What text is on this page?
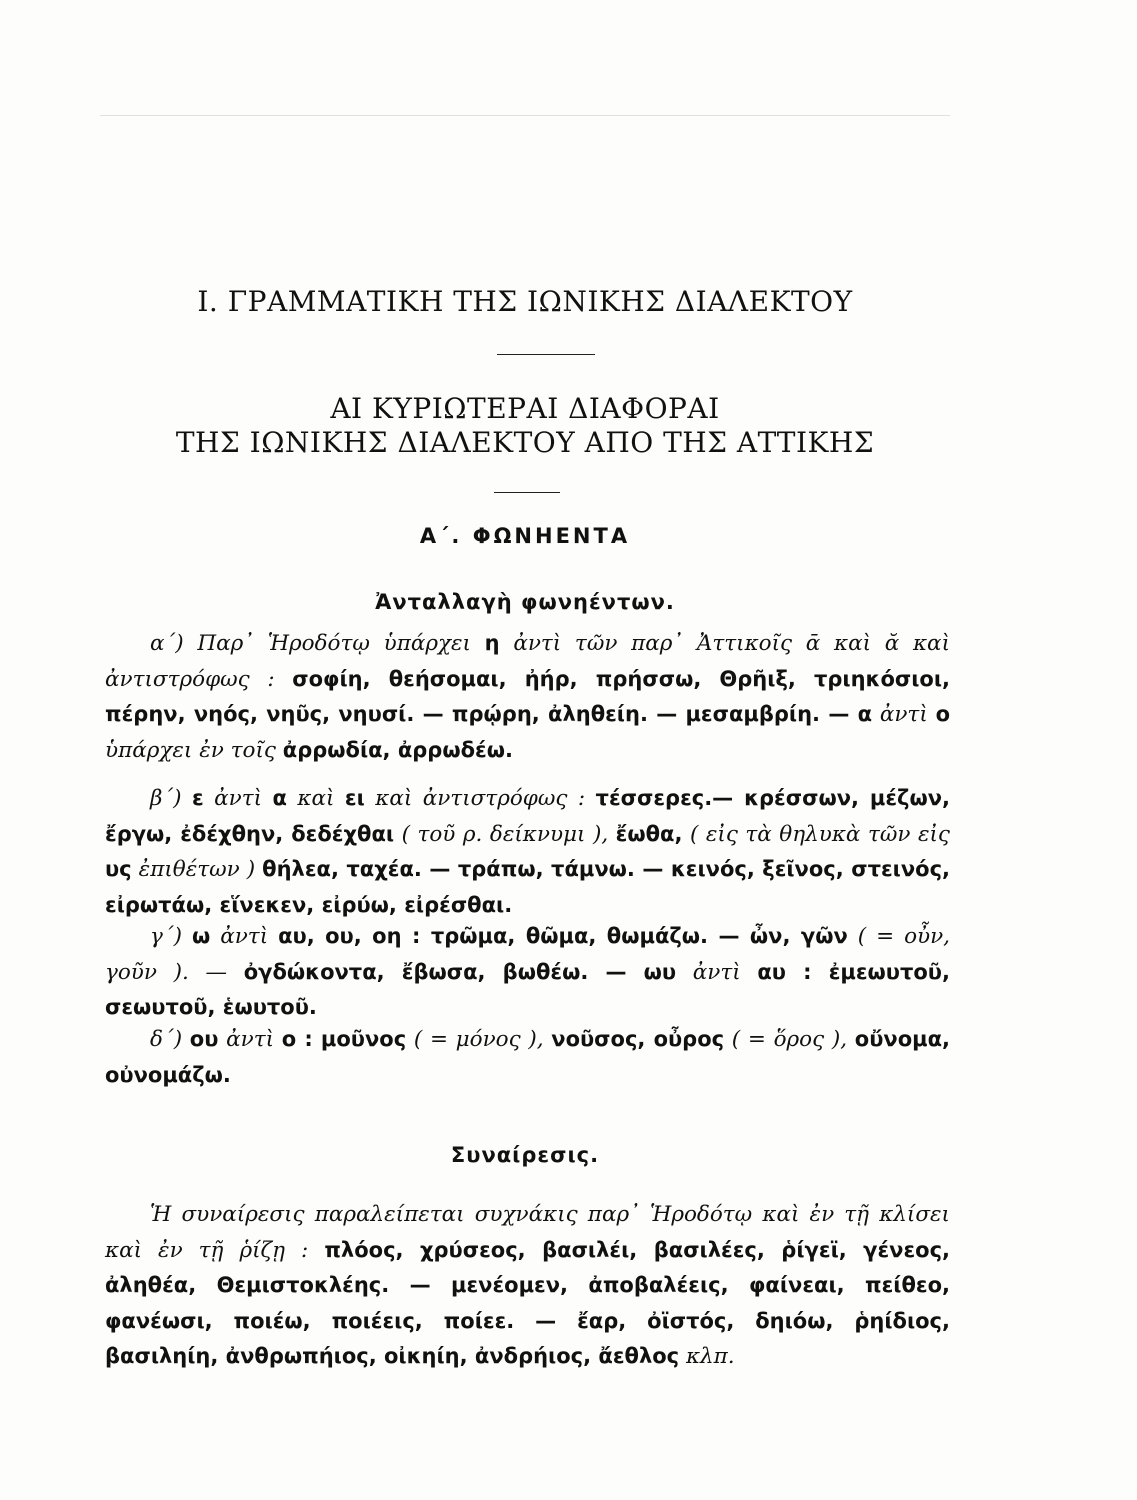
I. ΓΡΑΜΜΑΤΙΚΗ ΤΗΣ ΙΩΝΙΚΗΣ ΔΙΑΛΕΚΤΟΥ
ΑΙ ΚΥΡΙΩΤΕΡΑΙ ΔΙΑΦΟΡΑΙ
ΤΗΣ ΙΩΝΙΚΗΣ ΔΙΑΛΕΚΤΟΥ ΑΠΟ ΤΗΣ ΑΤΤΙΚΗΣ
Α΄. ΦΩΝΗΕΝΤΑ
Ἀνταλλαγὴ φωνηέντων.
α΄) Παρ᾽ Ἡροδότῳ ὑπάρχει η ἀντὶ τῶν παρ᾽ Ἀττικοῖς ᾱ καὶ ᾰ καὶ ἀντιστρόφως : σοφίη, θεήσομαι, ἠήρ, πρήσσω, Θρῆιξ, τριηκόσιοι, πέρην, νηός, νηῦς, νηυσί. — πρῴρη, ἀληθείη. — μεσαμβρίη. — α ἀντὶ ο ὑπάρχει ἐν τοῖς ἀρρωδία, ἀρρωδέω.
β΄) ε ἀντὶ α καὶ ει καὶ ἀντιστρόφως : τέσσερες.— κρέσσων, μέζων, ἔργω, ἐδέχθην, δεδέχθαι ( τοῦ ρ. δείκνυμι ), ἔωθα, ( εἰς τὰ θηλυκὰ τῶν εἰς υς ἐπιθέτων ) θήλεα, ταχέα. — τράπω, τάμνω. — κεινός, ξεῖνος, στεινός, εἰρωτάω, εἵνεκεν, εἰρύω, εἰρέσθαι.
γ΄) ω ἀντὶ αυ, ου, οη : τρῶμα, θῶμα, θωμάζω. — ὦν, γῶν ( = οὖν, γοῦν ). — ὀγδώκοντα, ἔβωσα, βωθέω. — ωυ ἀντὶ αυ : ἐμεωυτοῦ, σεωυτοῦ, ἑωυτοῦ.
δ΄) ου ἀντὶ ο : μοῦνος ( = μόνος ), νοῦσος, οὖρος ( = ὅρος ), οὔνομα, οὐνομάζω.
Συναίρεσις.
Ἡ συναίρεσις παραλείπεται συχνάκις παρ᾽ Ἡροδότῳ καὶ ἐν τῇ κλίσει καὶ ἐν τῇ ῥίζῃ : πλόος, χρύσεος, βασιλέι, βασιλέες, ῥίγεϊ, γένεος, ἀληθέα, Θεμιστοκλέης. — μενέομεν, ἀποβαλέεις, φαίνεαι, πείθεο, φανέωσι, ποιέω, ποιέεις, ποίεε. — ἔαρ, ὀϊστός, δηιόω, ῥηίδιος, βασιληίη, ἀνθρωπήιος, οἰκηίη, ἀνδρήιος, ἄεθλος κλπ.
